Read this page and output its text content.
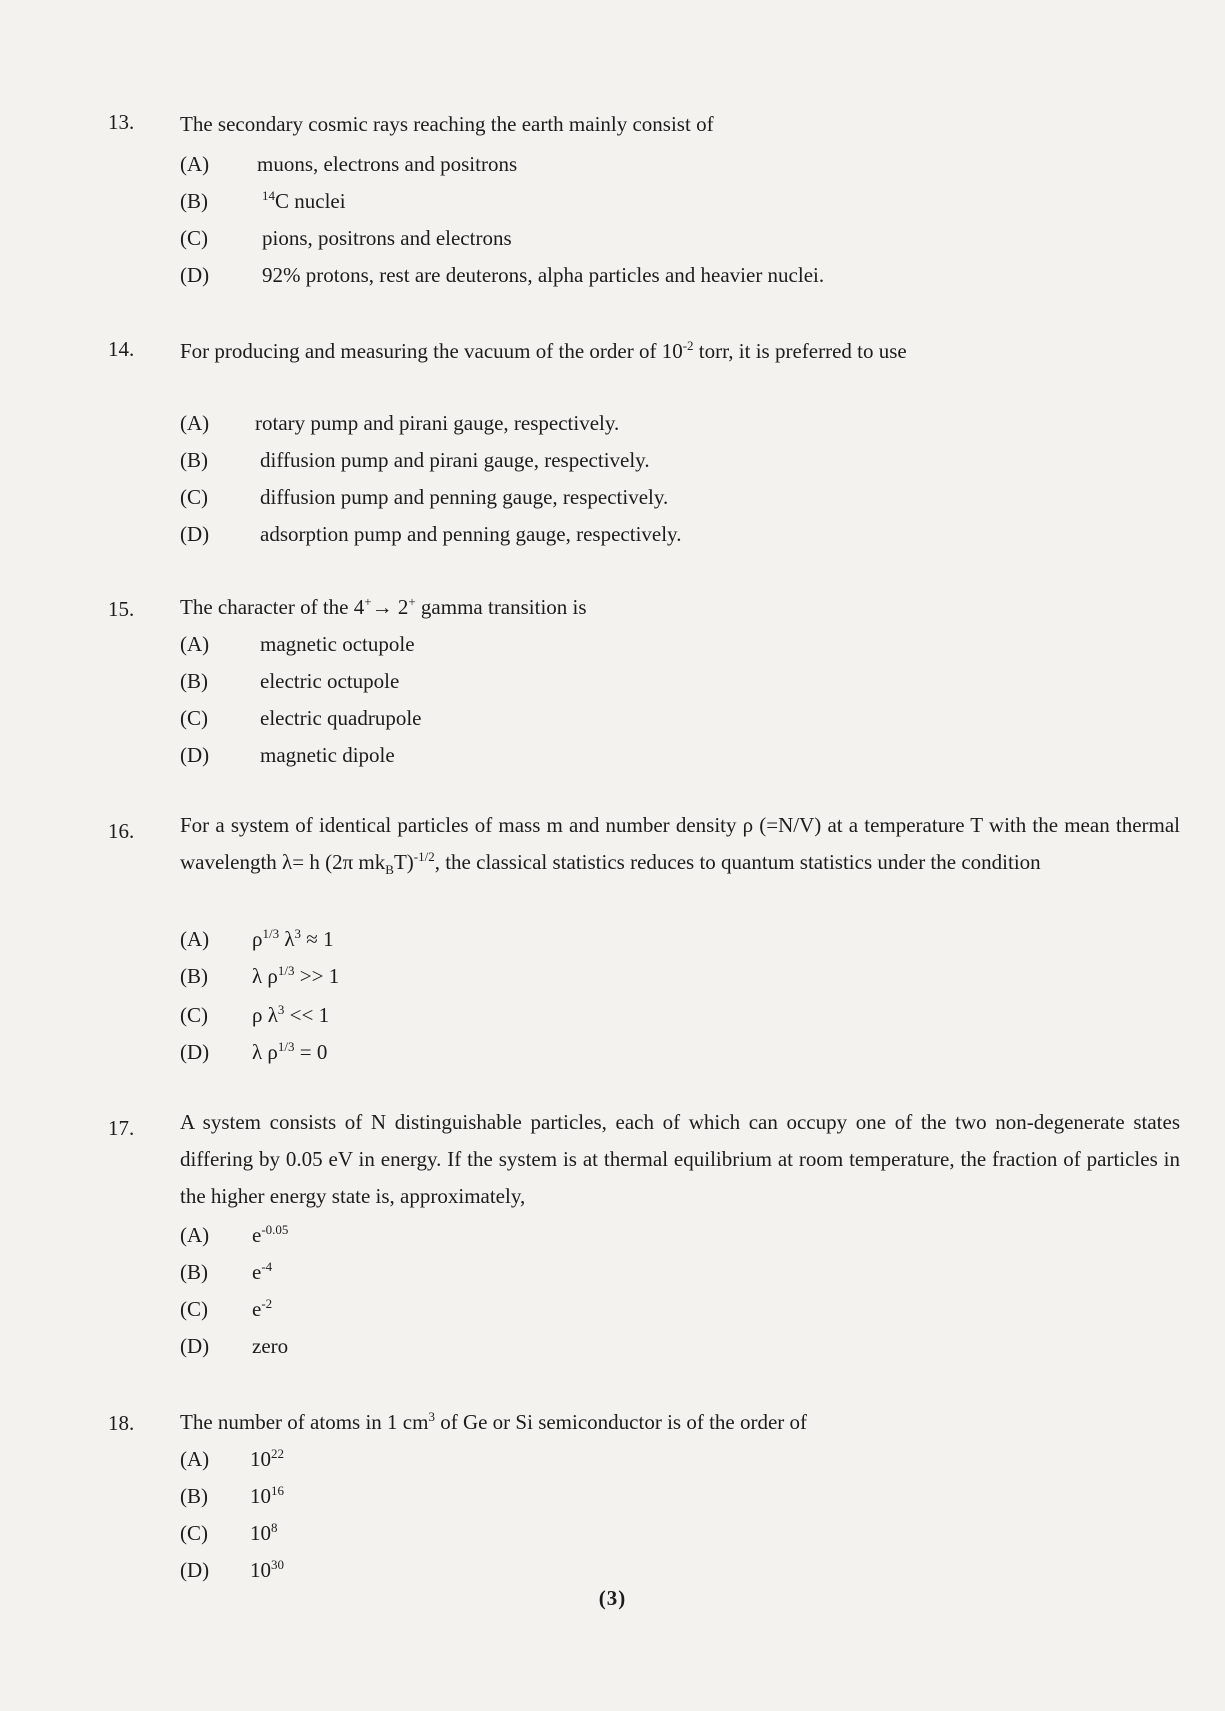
13. The secondary cosmic rays reaching the earth mainly consist of
(A) muons, electrons and positrons
(B)	$^{14}$C nuclei
(C)	pions, positrons and electrons
(D)	92% protons, rest are deuterons, alpha particles and heavier nuclei.
14. For producing and measuring the vacuum of the order of $10^{-2}$ torr, it is preferred to use
(A) rotary pump and pirani gauge, respectively.
(B) diffusion pump and pirani gauge, respectively.
(C) diffusion pump and penning gauge, respectively.
(D) adsorption pump and penning gauge, respectively.
15. The character of the 4+→ 2+ gamma transition is
(A) magnetic octupole
(B) electric octupole
(C) electric quadrupole
(D) magnetic dipole
16. For a system of identical particles of mass m and number density ρ (=N/V) at a temperature T with the mean thermal wavelength λ= h (2π $mk_BT)^{-1/2}$, the classical statistics reduces to quantum statistics under the condition
(A) $\rho^{1/3}$ $\lambda^3 \approx 1$
(B) λ $\rho^{1/3} >> 1$
(C) ρ $\lambda^3 << 1$
(D) λ $\rho^{1/3} = 0$
17. A system consists of N distinguishable particles, each of which can occupy one of the two non-degenerate states differing by 0.05 eV in energy. If the system is at thermal equilibrium at room temperature, the fraction of particles in the higher energy state is, approximately,
(A) $e^{-0.05}$
(B) $e^{-4}$
(C) $e^{-2}$
(D) zero
18. The number of atoms in 1 $cm^3$ of Ge or Si semiconductor is of the order of
(A) $10^{22}$
(B) $10^{16}$
(C) $10^8$
(D) $10^{30}$
(3)
